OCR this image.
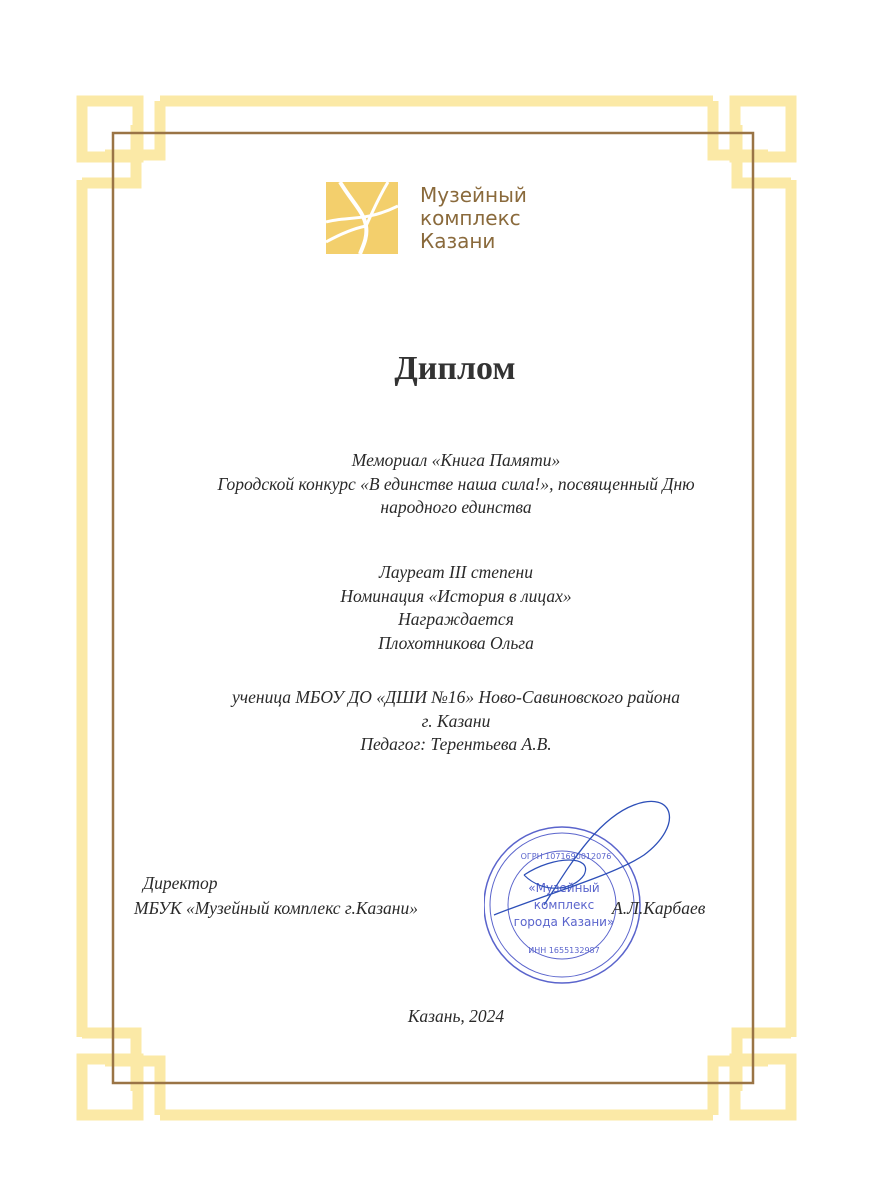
Музейный
комплекс
Казани
Диплом
Мемориал «Книга Памяти»
Городской конкурс «В единстве наша сила!», посвященный Дню
народного единства
Лауреат III степени
Номинация «История в лицах»
Награждается
Плохотникова Ольга
ученица МБОУ ДО «ДШИ №16» Ново-Савиновского района
г. Казани
Педагог: Терентьева А.В.
«Музейный
комплекс
города Казани»
ИНН 1655132987
ОГРН 1071690012076
Директор
МБУК «Музейный комплекс г.Казани»	А.Л.Карбаев
Казань, 2024
